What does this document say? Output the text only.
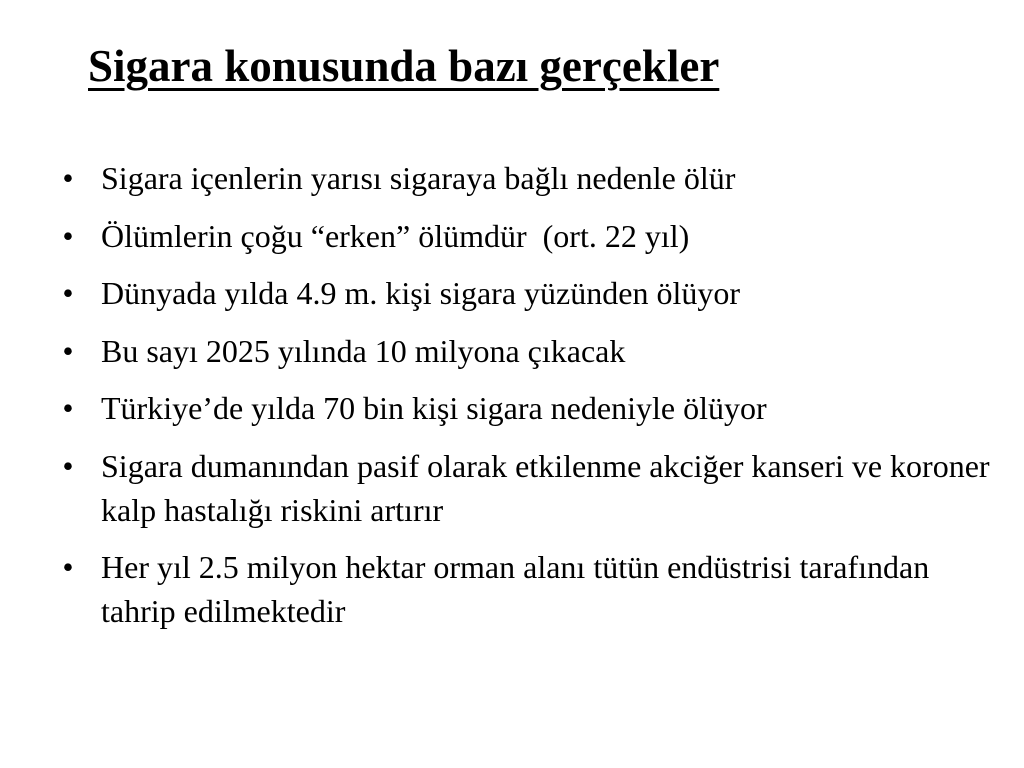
Sigara konusunda bazı gerçekler
• Sigara içenlerin yarısı sigaraya bağlı nedenle ölür
• Ölümlerin çoğu “erken” ölümdür  (ort. 22 yıl)
• Dünyada yılda 4.9 m. kişi sigara yüzünden ölüyor
• Bu sayı 2025 yılında 10 milyona çıkacak
• Türkiye’de yılda 70 bin kişi sigara nedeniyle ölüyor
• Sigara dumanından pasif olarak etkilenme akciğer kanseri ve koroner kalp hastalığı riskini artırır
• Her yıl 2.5 milyon hektar orman alanı tütün endüstrisi tarafından tahrip edilmektedir
